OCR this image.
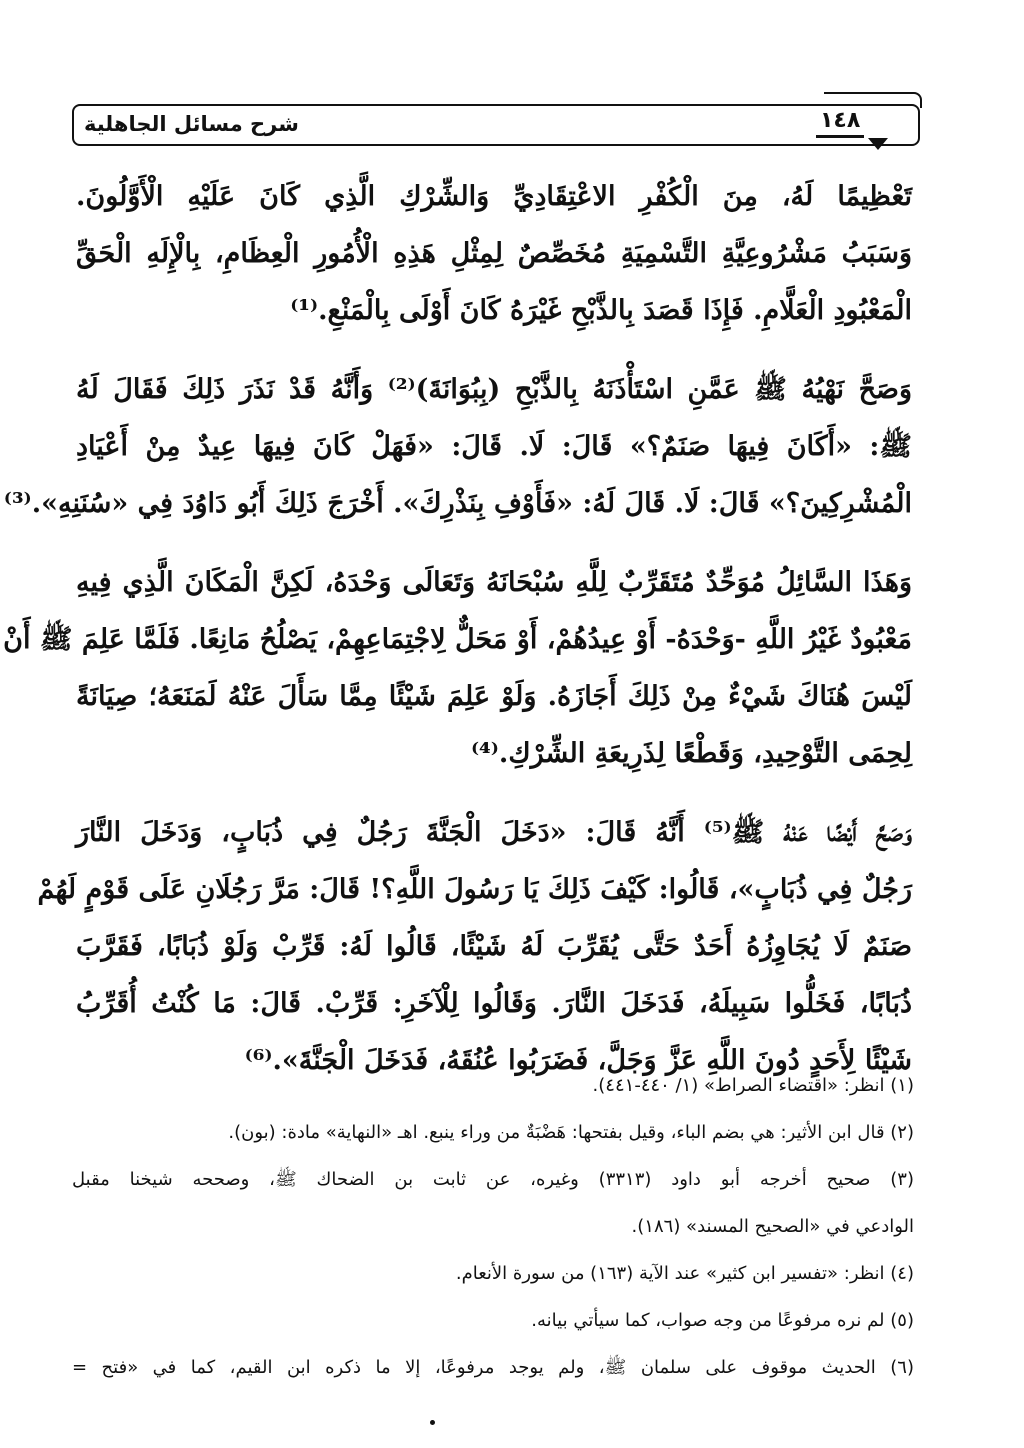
شرح مسائل الجاهلية	١٤٨
تَعْظِيمًا لَهُ، مِنَ الْكُفْرِ الاعْتِقَادِيِّ وَالشِّرْكِ الَّذِي كَانَ عَلَيْهِ الْأَوَّلُونَ.
وَسَبَبُ مَشْرُوعِيَّةِ التَّسْمِيَةِ مُخَصِّصٌ لِمِثْلِ هَذِهِ الْأُمُورِ الْعِظَامِ، بِالْإِلَهِ الْحَقِّ
الْمَعْبُودِ الْعَلَّامِ. فَإِذَا قَصَدَ بِالذَّبْحِ غَيْرَهُ كَانَ أَوْلَى بِالْمَنْعِ.⁽¹⁾
وَصَحَّ نَهْيُهُ ﷺ عَمَّنِ اسْتَأْذَنَهُ بِالذَّبْحِ (بِبُوَانَةَ)⁽²⁾ وَأَنَّهُ قَدْ نَذَرَ ذَلِكَ فَقَالَ لَهُ
ﷺ: «أَكَانَ فِيهَا صَنَمٌ؟» قَالَ: لَا. قَالَ: «فَهَلْ كَانَ فِيهَا عِيدٌ مِنْ أَعْيَادِ
الْمُشْرِكِينَ؟» قَالَ: لَا. قَالَ لَهُ: «فَأَوْفِ بِنَذْرِكَ». أَخْرَجَ ذَلِكَ أَبُو دَاوُدَ فِي «سُنَنِهِ».⁽³⁾
وَهَذَا السَّائِلُ مُوَحِّدٌ مُتَقَرِّبٌ لِلَّهِ سُبْحَانَهُ وَتَعَالَى وَحْدَهُ، لَكِنَّ الْمَكَانَ الَّذِي فِيهِ
مَعْبُودٌ غَيْرُ اللَّهِ -وَحْدَهُ- أَوْ عِيدُهُمْ، أَوْ مَحَلٌّ لِاجْتِمَاعِهِمْ، يَصْلُحُ مَانِعًا. فَلَمَّا عَلِمَ ﷺ أَنْ
لَيْسَ هُنَاكَ شَيْءٌ مِنْ ذَلِكَ أَجَازَهُ. وَلَوْ عَلِمَ شَيْئًا مِمَّا سَأَلَ عَنْهُ لَمَنَعَهُ؛ صِيَانَةً
لِحِمَى التَّوْحِيدِ، وَقَطْعًا لِذَرِيعَةِ الشِّرْكِ.⁽⁴⁾
وَصَحَّ أَيْضًا عَنْهُ ﷺ⁽⁵⁾ أَنَّهُ قَالَ: «دَخَلَ الْجَنَّةَ رَجُلٌ فِي ذُبَابٍ، وَدَخَلَ النَّارَ
رَجُلٌ فِي ذُبَابٍ»، قَالُوا: كَيْفَ ذَلِكَ يَا رَسُولَ اللَّهِ؟! قَالَ: مَرَّ رَجُلَانِ عَلَى قَوْمٍ لَهُمْ
صَنَمٌ لَا يُجَاوِزُهُ أَحَدٌ حَتَّى يُقَرِّبَ لَهُ شَيْئًا، قَالُوا لَهُ: قَرِّبْ وَلَوْ ذُبَابًا، فَقَرَّبَ
ذُبَابًا، فَخَلُّوا سَبِيلَهُ، فَدَخَلَ النَّارَ. وَقَالُوا لِلْآخَرِ: قَرِّبْ. قَالَ: مَا كُنْتُ أُقَرِّبُ
شَيْئًا لِأَحَدٍ دُونَ اللَّهِ عَزَّ وَجَلَّ، فَضَرَبُوا عُنُقَهُ، فَدَخَلَ الْجَنَّةَ».⁽⁶⁾
(١) انظر: «اقتضاء الصراط» (١/ ٤٤٠-٤٤١).
(٢) قال ابن الأثير: هي بضم الباء، وقيل بفتحها: هَضْبَةٌ من وراء ينبع. اهـ «النهاية» مادة: (بون).
(٣) صحيح أخرجه أبو داود (٣٣١٣) وغيره، عن ثابت بن الضحاك ﷺ، وصححه شيخنا مقبل
الوادعي في «الصحيح المسند» (١٨٦).
(٤) انظر: «تفسير ابن كثير» عند الآية (١٦٣) من سورة الأنعام.
(٥) لم نره مرفوعًا من وجه صواب، كما سيأتي بيانه.
(٦) الحديث موقوف على سلمان ﷺ، ولم يوجد مرفوعًا، إلا ما ذكره ابن القيم، كما في «فتح =
